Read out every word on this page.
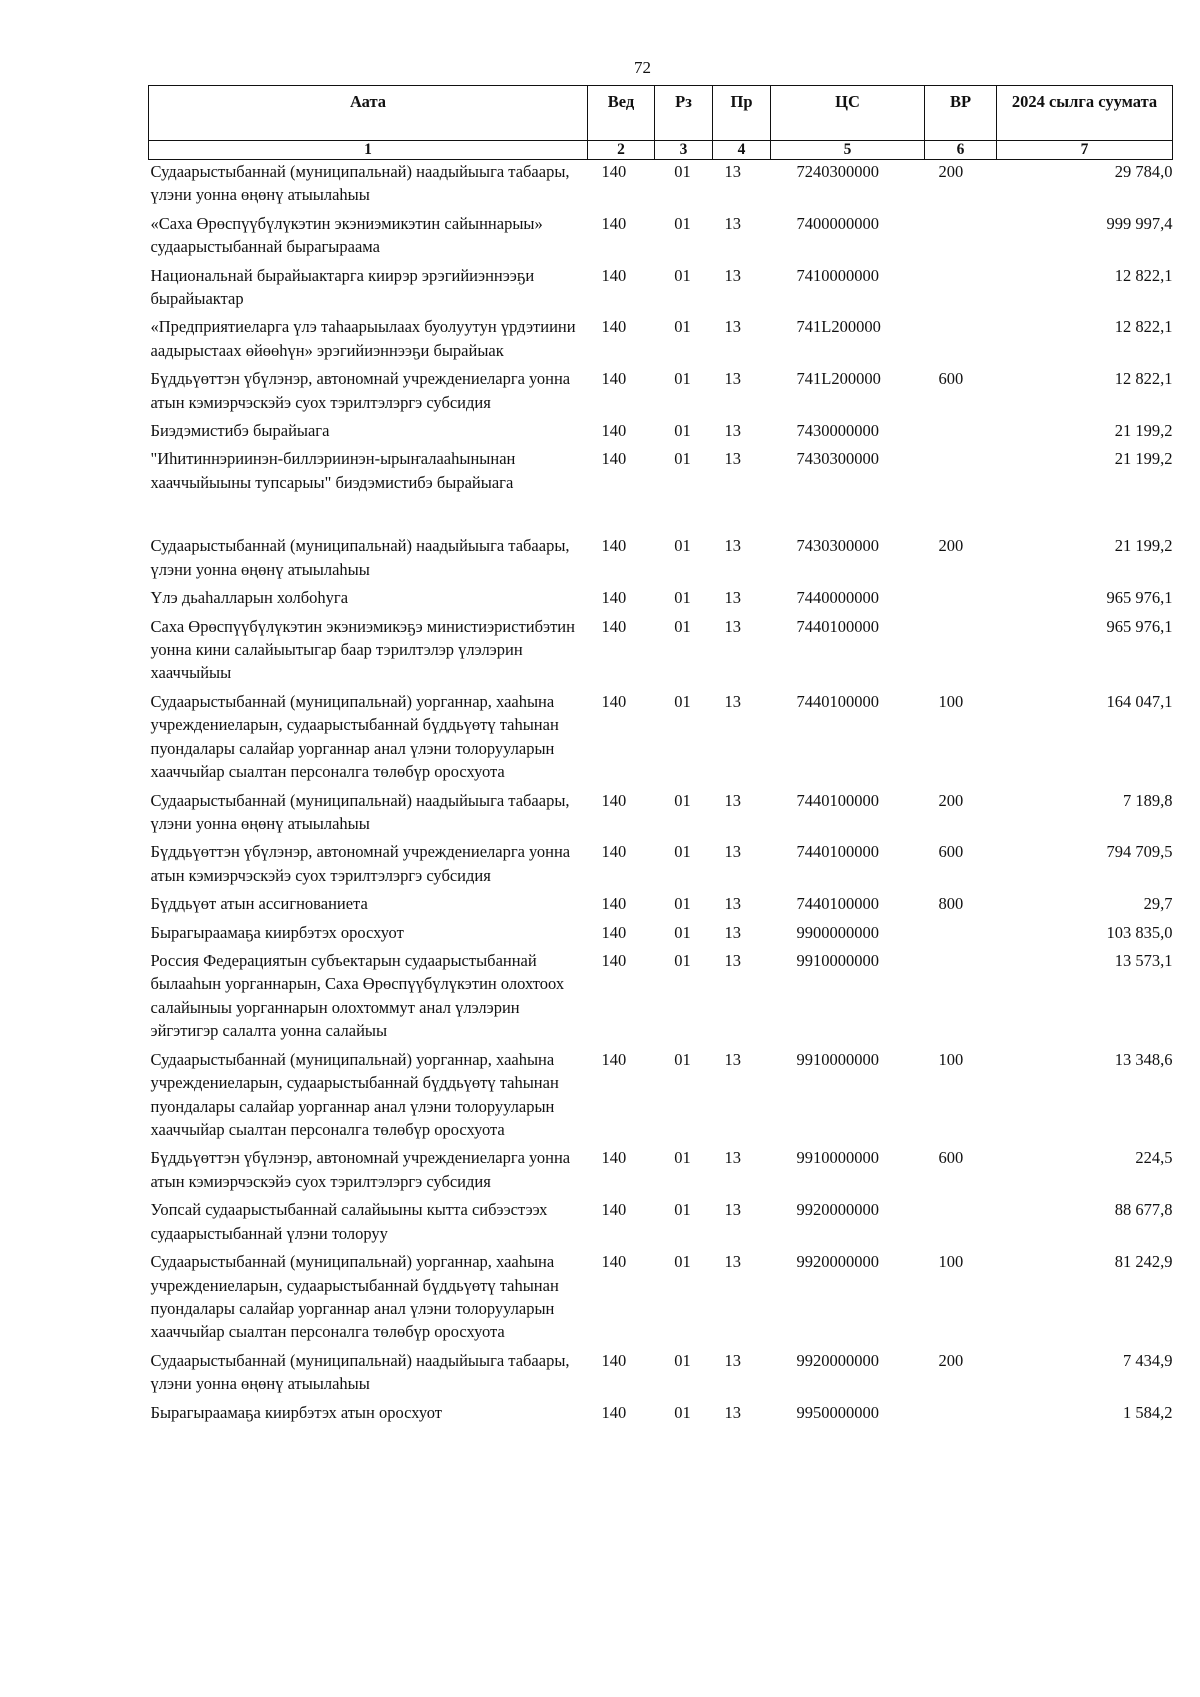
72
Аата	Вед	Рз	Пр	ЦС	ВР	2024 сылга суумата
1	2	3	4	5	6	7
Судаарыстыбаннай (муниципальнай) наадыйыыга табаары, үлэни уонна өңөнү атыылаһыы	140	01	13	7240300000	200	29 784,0
«Саха Өрөспүүбүлүкэтин экэниэмикэтин сайыннарыы» судаарыстыбаннай бырагыраама	140	01	13	7400000000		999 997,4
Национальнай бырайыактарга киирэр эрэгийиэннээҕи бырайыактар	140	01	13	7410000000		12 822,1
«Предприятиеларга үлэ таһаарыылаах буолуутун үрдэтиини аадырыстаах өйөөһүн» эрэгийиэннээҕи бырайыак	140	01	13	741L200000		12 822,1
Бүддьүөттэн үбүлэнэр, автономнай учреждениеларга уонна атын кэмиэрчэскэйэ суох тэрилтэлэргэ субсидия	140	01	13	741L200000	600	12 822,1
Биэдэмистибэ бырайыага	140	01	13	7430000000		21 199,2
"Иһитиннэриинэн-биллэриинэн-ырыҥалааһынынан хааччыйыыны тупсарыы" биэдэмистибэ бырайыага	140	01	13	7430300000		21 199,2
Судаарыстыбаннай (муниципальнай) наадыйыыга табаары, үлэни уонна өңөнү атыылаһыы	140	01	13	7430300000	200	21 199,2
Үлэ дьаһалларын холбоһуга	140	01	13	7440000000		965 976,1
Саха Өрөспүүбүлүкэтин экэниэмикэҕэ министиэристибэтин уонна кини салайыытыгар баар тэрилтэлэр үлэлэрин хааччыйыы	140	01	13	7440100000		965 976,1
Судаарыстыбаннай (муниципальнай) уорганнар, хааһына учреждениеларын, судаарыстыбаннай бүддьүөтү таһынан пуондалары салайар уорганнар анал үлэни толорууларын хааччыйар сыалтан персоналга төлөбүр оросхуота	140	01	13	7440100000	100	164 047,1
Судаарыстыбаннай (муниципальнай) наадыйыыга табаары, үлэни уонна өңөнү атыылаһыы	140	01	13	7440100000	200	7 189,8
Бүддьүөттэн үбүлэнэр, автономнай учреждениеларга уонна атын кэмиэрчэскэйэ суох тэрилтэлэргэ субсидия	140	01	13	7440100000	600	794 709,5
Бүддьүөт атын ассигнованиета	140	01	13	7440100000	800	29,7
Бырагыраамаҕа киирбэтэх оросхуот	140	01	13	9900000000		103 835,0
Россия Федерациятын субъектарын судаарыстыбаннай былааһын уорганнарын, Саха Өрөспүүбүлүкэтин олохтоох салайыныы уорганнарын олохтоммут анал үлэлэрин эйгэтигэр салалта уонна салайыы	140	01	13	9910000000		13 573,1
Судаарыстыбаннай (муниципальнай) уорганнар, хааһына учреждениеларын, судаарыстыбаннай бүддьүөтү таһынан пуондалары салайар уорганнар анал үлэни толорууларын хааччыйар сыалтан персоналга төлөбүр оросхуота	140	01	13	9910000000	100	13 348,6
Бүддьүөттэн үбүлэнэр, автономнай учреждениеларга уонна атын кэмиэрчэскэйэ суох тэрилтэлэргэ субсидия	140	01	13	9910000000	600	224,5
Уопсай судаарыстыбаннай салайыыны кытта сибээстээх судаарыстыбаннай үлэни толоруу	140	01	13	9920000000		88 677,8
Судаарыстыбаннай (муниципальнай) уорганнар, хааһына учреждениеларын, судаарыстыбаннай бүддьүөтү таһынан пуондалары салайар уорганнар анал үлэни толорууларын хааччыйар сыалтан персоналга төлөбүр оросхуота	140	01	13	9920000000	100	81 242,9
Судаарыстыбаннай (муниципальнай) наадыйыыга табаары, үлэни уонна өңөнү атыылаһыы	140	01	13	9920000000	200	7 434,9
Бырагыраамаҕа киирбэтэх атын оросхуот	140	01	13	9950000000		1 584,2
